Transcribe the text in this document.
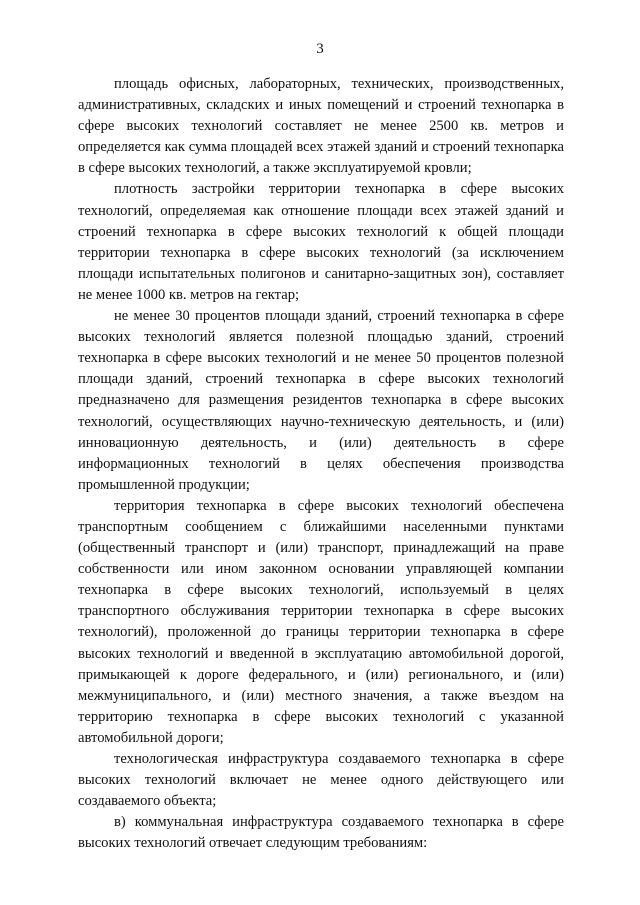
3

площадь офисных, лабораторных, технических, производственных, административных, складских и иных помещений и строений технопарка в сфере высоких технологий составляет не менее 2500 кв. метров и определяется как сумма площадей всех этажей зданий и строений технопарка в сфере высоких технологий, а также эксплуатируемой кровли;

плотность застройки территории технопарка в сфере высоких технологий, определяемая как отношение площади всех этажей зданий и строений технопарка в сфере высоких технологий к общей площади территории технопарка в сфере высоких технологий (за исключением площади испытательных полигонов и санитарно-защитных зон), составляет не менее 1000 кв. метров на гектар;

не менее 30 процентов площади зданий, строений технопарка в сфере высоких технологий является полезной площадью зданий, строений технопарка в сфере высоких технологий и не менее 50 процентов полезной площади зданий, строений технопарка в сфере высоких технологий предназначено для размещения резидентов технопарка в сфере высоких технологий, осуществляющих научно-техническую деятельность, и (или) инновационную деятельность, и (или) деятельность в сфере информационных технологий в целях обеспечения производства промышленной продукции;

территория технопарка в сфере высоких технологий обеспечена транспортным сообщением с ближайшими населенными пунктами (общественный транспорт и (или) транспорт, принадлежащий на праве собственности или ином законном основании управляющей компании технопарка в сфере высоких технологий, используемый в целях транспортного обслуживания территории технопарка в сфере высоких технологий), проложенной до границы территории технопарка в сфере высоких технологий и введенной в эксплуатацию автомобильной дорогой, примыкающей к дороге федерального, и (или) регионального, и (или) межмуниципального, и (или) местного значения, а также въездом на территорию технопарка в сфере высоких технологий с указанной автомобильной дороги;

технологическая инфраструктура создаваемого технопарка в сфере высоких технологий включает не менее одного действующего или создаваемого объекта;

в) коммунальная инфраструктура создаваемого технопарка в сфере высоких технологий отвечает следующим требованиям:
